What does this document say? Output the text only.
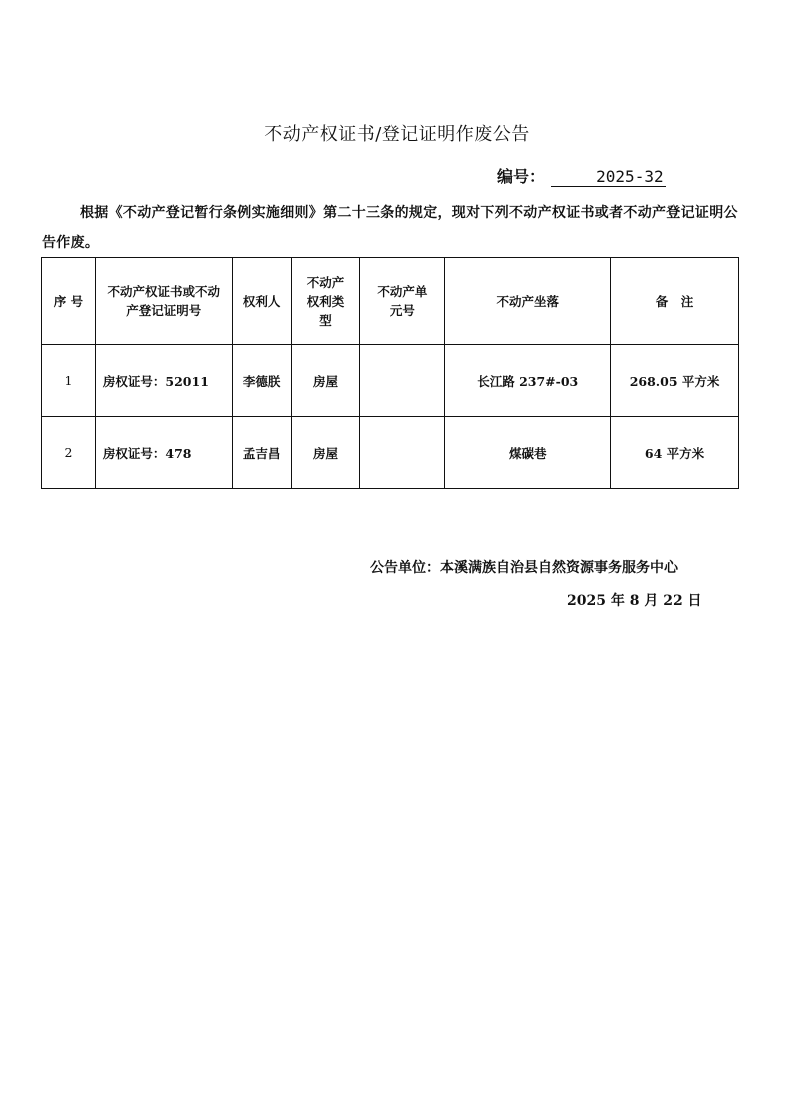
不动产权证书/登记证明作废公告
编号：	2025-32
根据《不动产登记暂行条例实施细则》第二十三条的规定，现对下列不动产权证书或者不动产登记证明公告作废。
序 号	不动产权证书或不动产登记证明号	权利人	不动产权利类型	不动产单元号	不动产坐落	备　注
1	房权证号：52011	李德朕	房屋		长江路 237#-03	268.05 平方米
2	房权证号：478	孟吉昌	房屋		煤碳巷	64 平方米
公告单位：本溪满族自治县自然资源事务服务中心
2025 年 8 月 22 日
